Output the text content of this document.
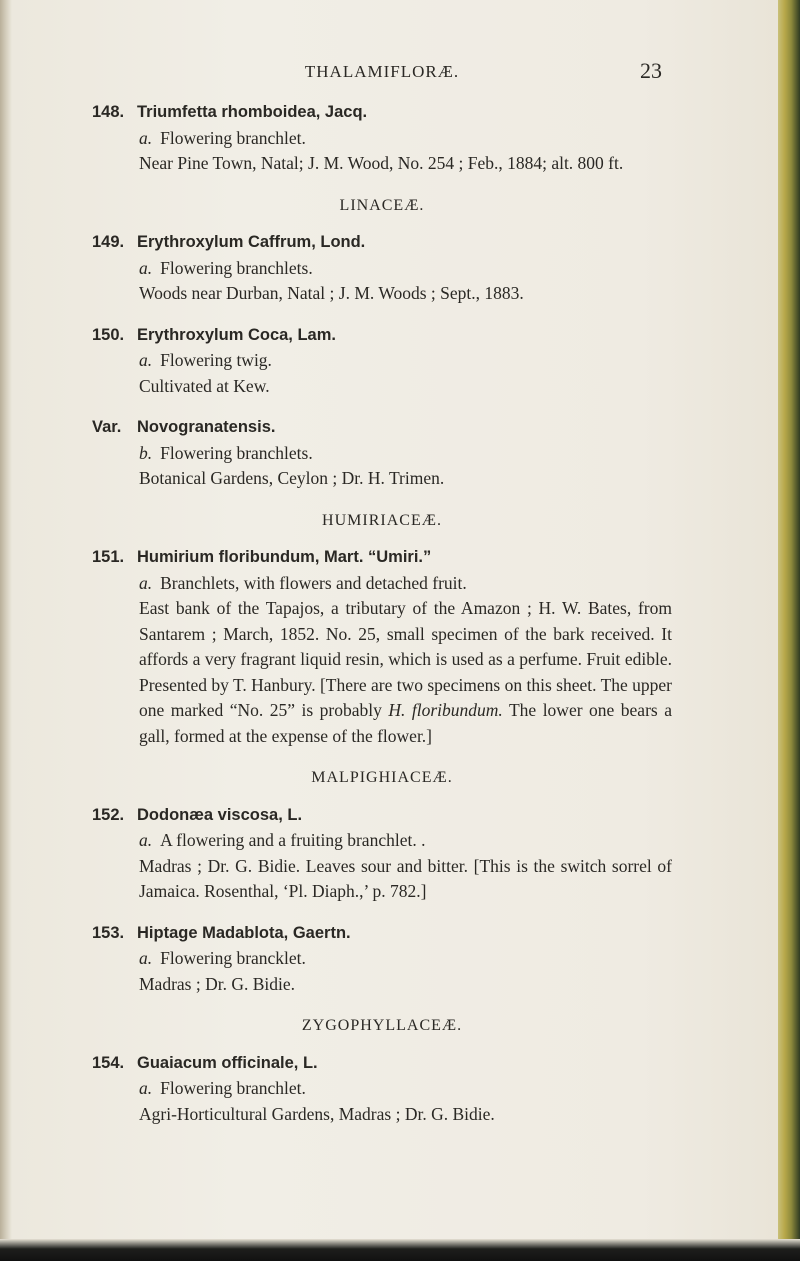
THALAMIFLORÆ.	23
148. Triumfetta rhomboidea, Jacq.
a. Flowering branchlet.
Near Pine Town, Natal; J. M. Wood, No. 254 ; Feb., 1884; alt. 800 ft.
LINACEÆ.
149. Erythroxylum Caffrum, Lond.
a. Flowering branchlets.
Woods near Durban, Natal ; J. M. Woods ; Sept., 1883.
150. Erythroxylum Coca, Lam.
a. Flowering twig.
Cultivated at Kew.
Var. Novogranatensis.
b. Flowering branchlets.
Botanical Gardens, Ceylon ; Dr. H. Trimen.
HUMIRIACEÆ.
151. Humirium floribundum, Mart. “Umiri.”
a. Branchlets, with flowers and detached fruit.
East bank of the Tapajos, a tributary of the Amazon ; H. W. Bates, from Santarem ; March, 1852. No. 25, small specimen of the bark received. It affords a very fragrant liquid resin, which is used as a perfume. Fruit edible. Presented by T. Hanbury. [There are two specimens on this sheet. The upper one marked “No. 25” is probably H. floribundum. The lower one bears a gall, formed at the expense of the flower.]
MALPIGHIACEÆ.
152. Dodonæa viscosa, L.
a. A flowering and a fruiting branchlet. .
Madras ; Dr. G. Bidie. Leaves sour and bitter. [This is the switch sorrel of Jamaica. Rosenthal, ‘Pl. Diaph.,’ p. 782.]
153. Hiptage Madablota, Gaertn.
a. Flowering brancklet.
Madras ; Dr. G. Bidie.
ZYGOPHYLLACEÆ.
154. Guaiacum officinale, L.
a. Flowering branchlet.
Agri-Horticultural Gardens, Madras ; Dr. G. Bidie.
